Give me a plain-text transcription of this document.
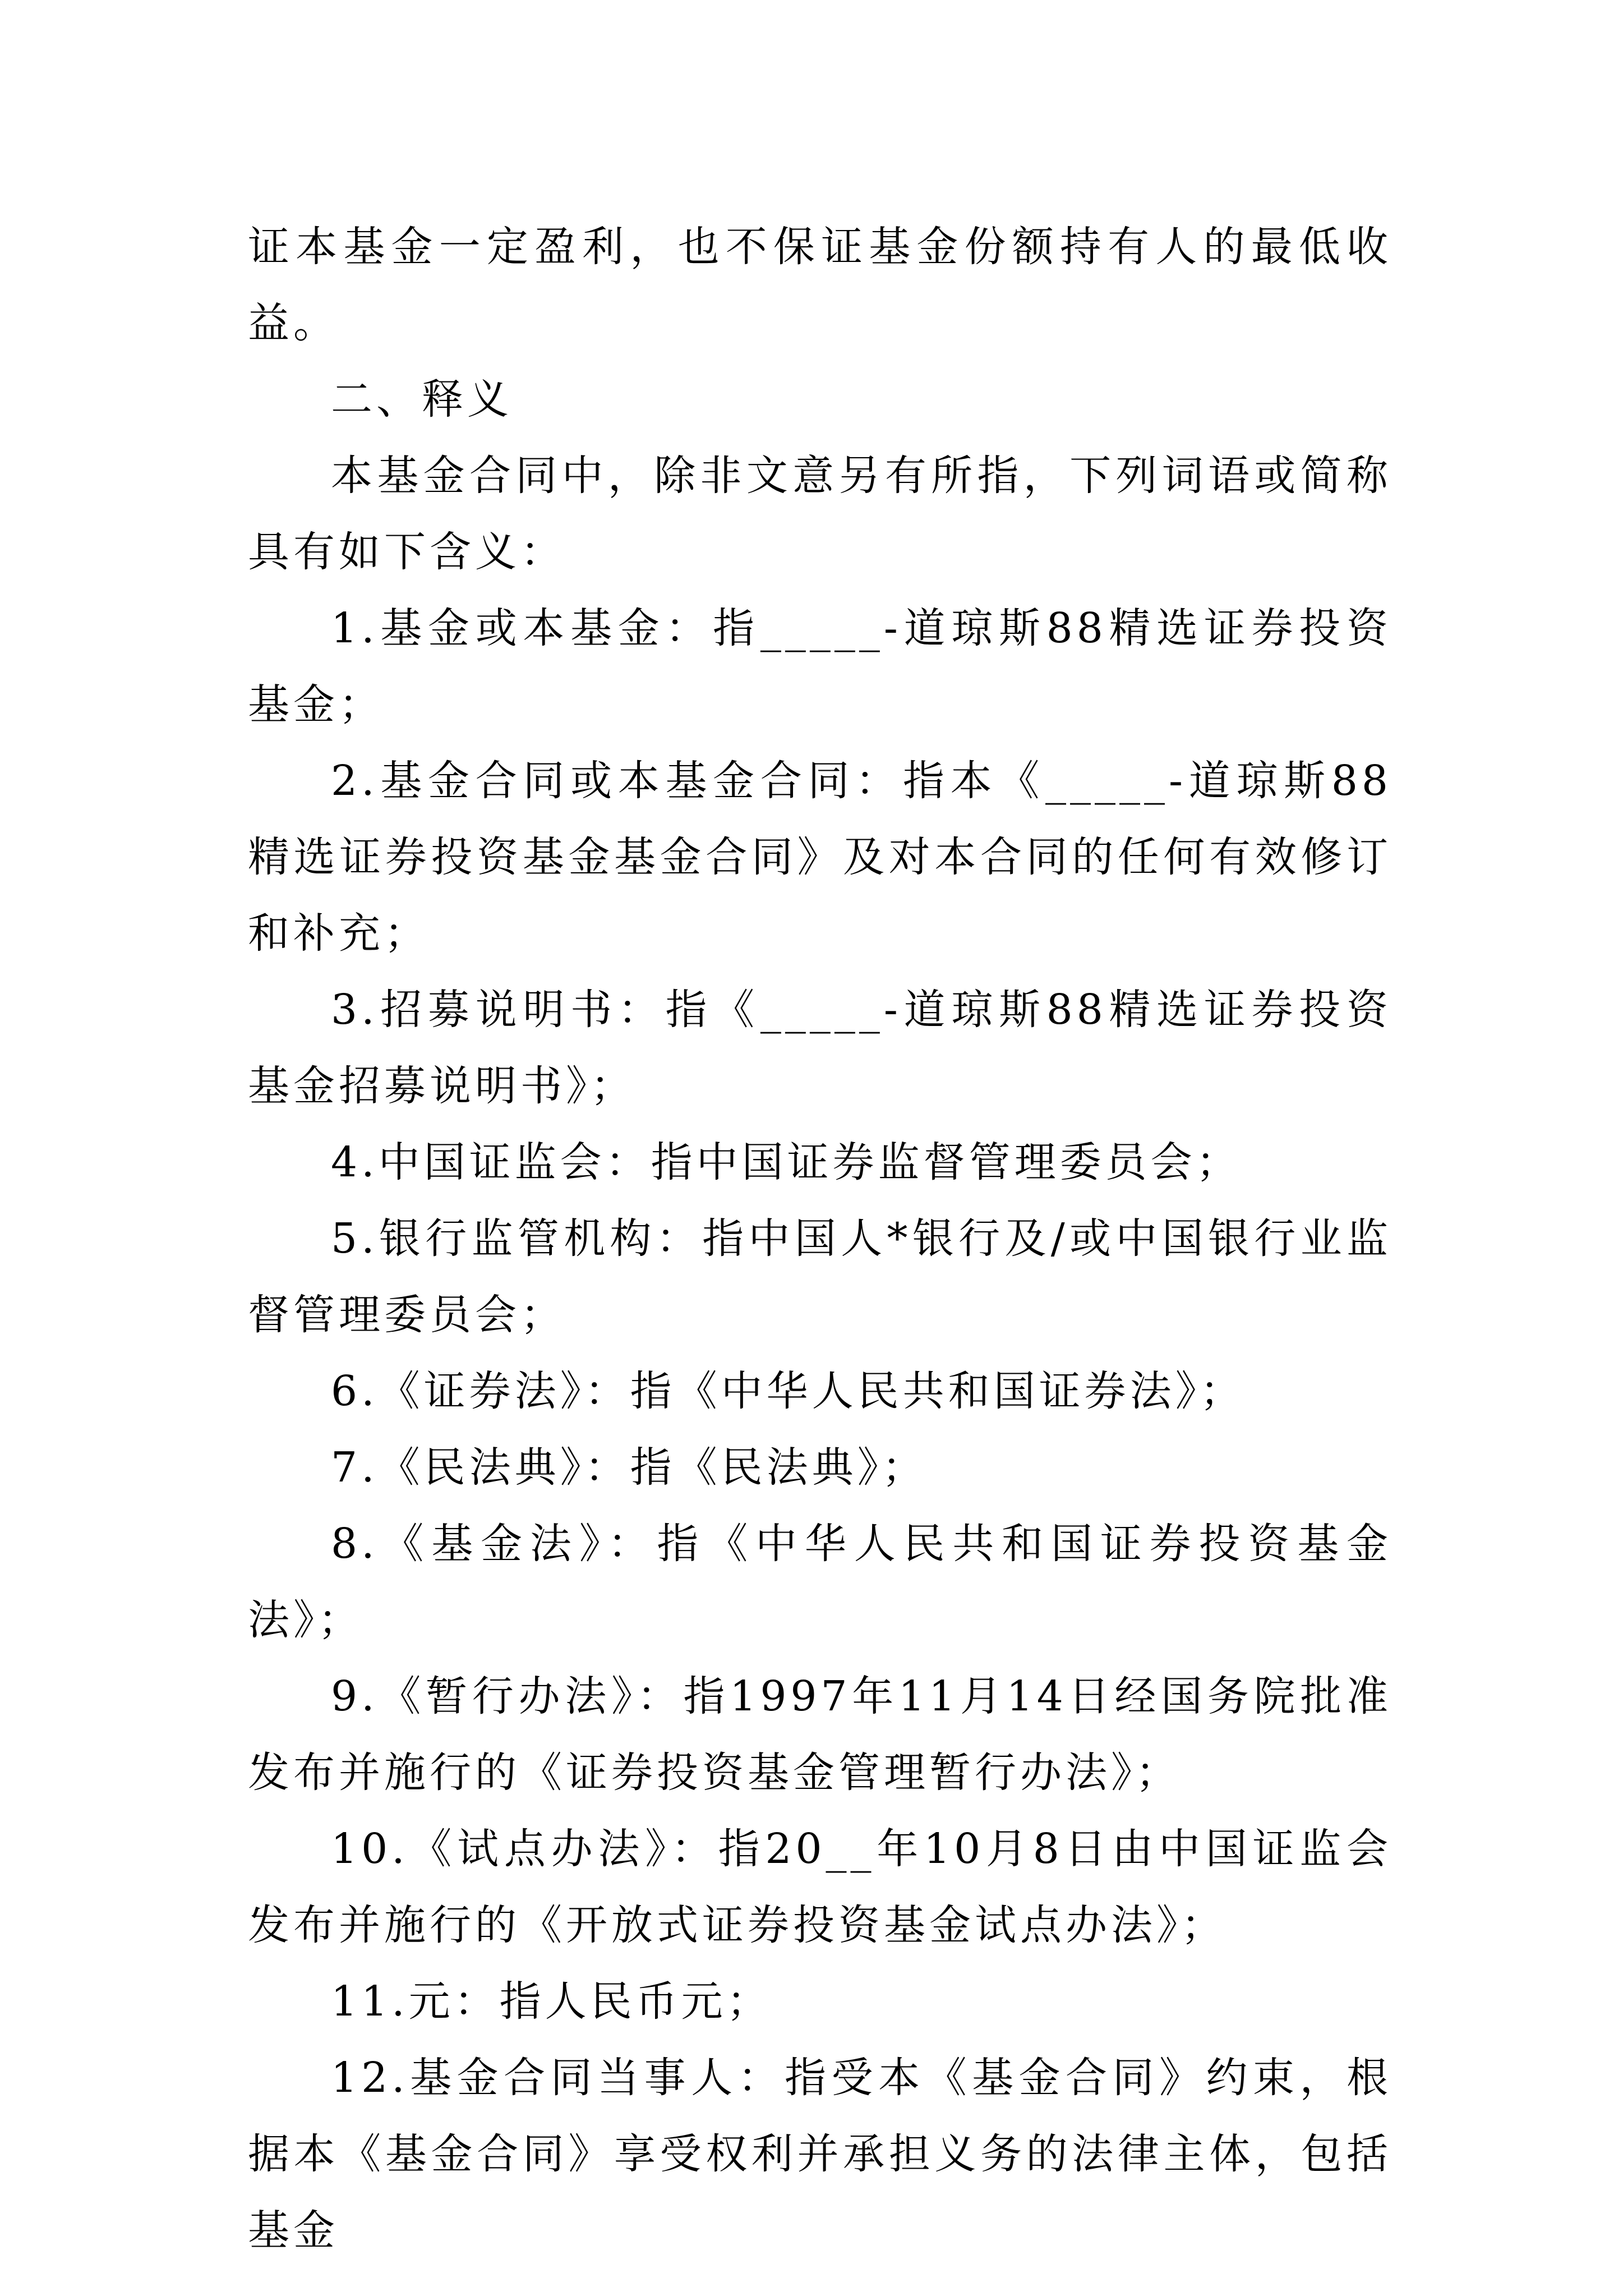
证本基金一定盈利，也不保证基金份额持有人的最低收益。

二、释义

本基金合同中，除非文意另有所指，下列词语或简称具有如下含义：

1.基金或本基金：指_____-道琼斯88精选证券投资基金；

2.基金合同或本基金合同：指本《_____-道琼斯88精选证券投资基金基金合同》及对本合同的任何有效修订和补充；

3.招募说明书：指《_____-道琼斯88精选证券投资基金招募说明书》；

4.中国证监会：指中国证券监督管理委员会；

5.银行监管机构：指中国人*银行及/或中国银行业监督管理委员会；

6.《证券法》：指《中华人民共和国证券法》；

7.《民法典》：指《民法典》；

8.《基金法》：指《中华人民共和国证券投资基金法》；

9.《暂行办法》：指1997年11月14日经国务院批准发布并施行的《证券投资基金管理暂行办法》；

10.《试点办法》：指20__年10月8日由中国证监会发布并施行的《开放式证券投资基金试点办法》；

11.元：指人民币元；

12.基金合同当事人：指受本《基金合同》约束，根据本《基金合同》享受权利并承担义务的法律主体，包括基金
